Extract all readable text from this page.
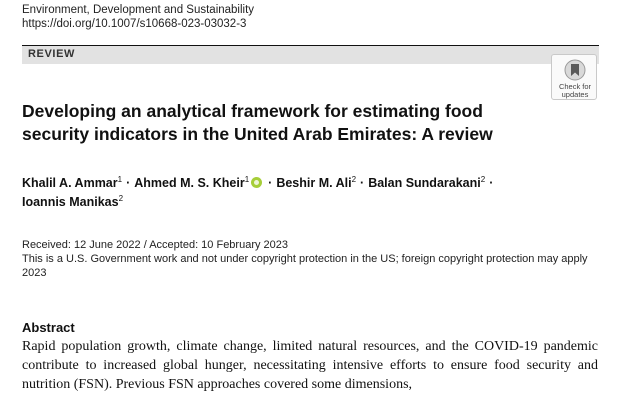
Environment, Development and Sustainability
https://doi.org/10.1007/s10668-023-03032-3
REVIEW
Check for
updates
Developing an analytical framework for estimating food security indicators in the United Arab Emirates: A review
Khalil A. Ammar$^1$ · Ahmed M. S. Kheir$^1$ · Beshir M. Ali$^2$ · Balan Sundarakani$^2$ ·
Ioannis Manikas$^2$
Received: 12 June 2022 / Accepted: 10 February 2023
This is a U.S. Government work and not under copyright protection in the US; foreign copyright protection may apply 2023
Abstract
Rapid population growth, climate change, limited natural resources, and the COVID-19 pandemic contribute to increased global hunger, necessitating intensive efforts to ensure food security and nutrition (FSN). Previous FSN approaches covered some dimensions,
